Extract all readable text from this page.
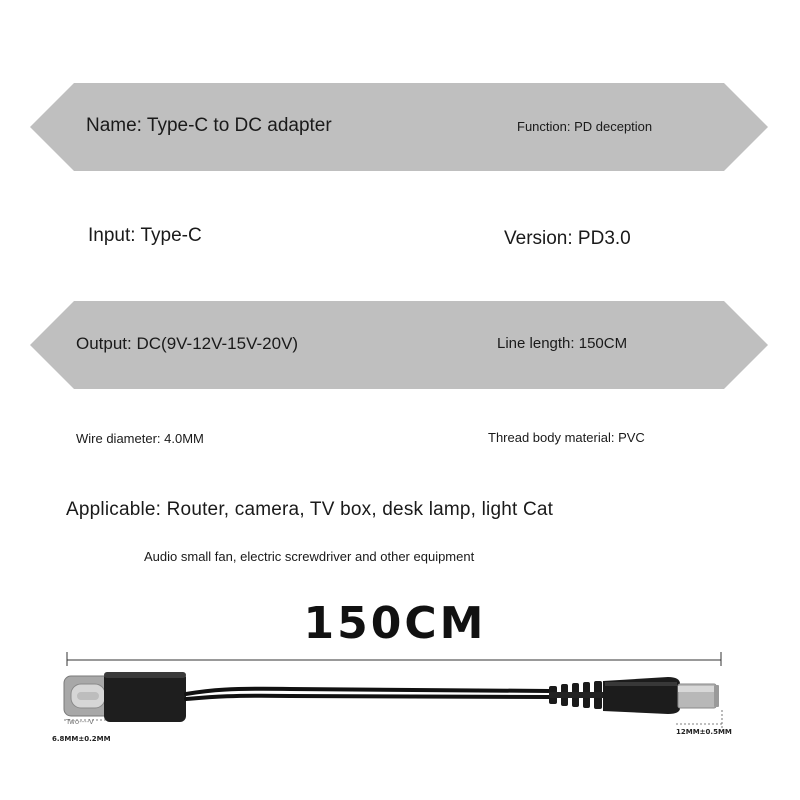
Name: Type-C to DC adapter	Function: PD deception
Input: Type-C	Version: PD3.0
Output: DC(9V-12V-15V-20V)	Line length: 150CM
Wire diameter: 4.0MM	Thread body material: PVC
Applicable: Router, camera, TV box, desk lamp, light Cat
Audio small fan, electric screwdriver and other equipment
150CM
Two----V
6.8MM±0.2MM
12MM±0.5MM
